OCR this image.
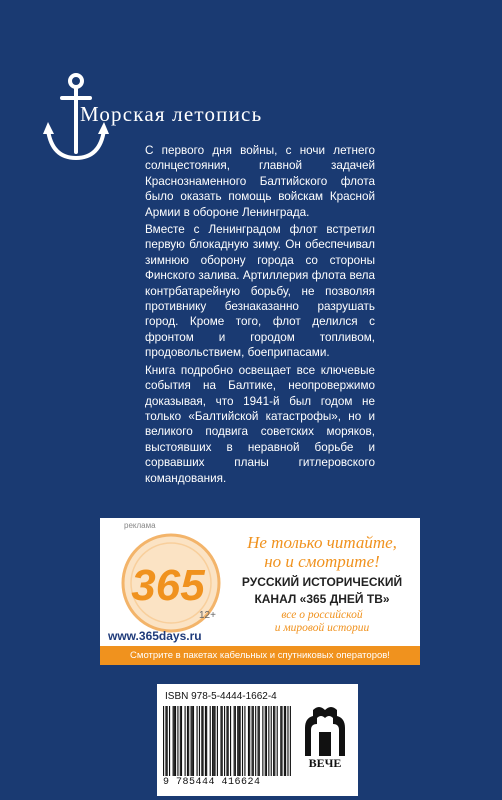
Морская летопись

С первого дня войны, с ночи летнего солнцестояния, главной задачей Краснознаменного Балтийского флота было оказать помощь войскам Красной Армии в обороне Ленинграда.

Вместе с Ленинградом флот встретил первую блокадную зиму. Он обеспечивал зимнюю оборону города со стороны Финского залива. Артиллерия флота вела контрбатарейную борьбу, не позволяя противнику безнаказанно разрушать город. Кроме того, флот делился с фронтом и городом топливом, продовольствием, боеприпасами.

Книга подробно освещает все ключевые события на Балтике, неопровержимо доказывая, что 1941-й был годом не только «Балтийской катастрофы», но и великого подвига советских моряков, выстоявших в неравной борьбе и сорвавших планы гитлеровского командования.

365
реклама
12+
www.365days.ru
Не только читайте,
но и смотрите!
РУССКИЙ ИСТОРИЧЕСКИЙ
КАНАЛ «365 ДНЕЙ ТВ»
все о российской
и мировой истории
Смотрите в пакетах кабельных и спутниковых операторов!
ISBN 978-5-4444-1662-4
9 785444 416624
ВЕЧЕ
